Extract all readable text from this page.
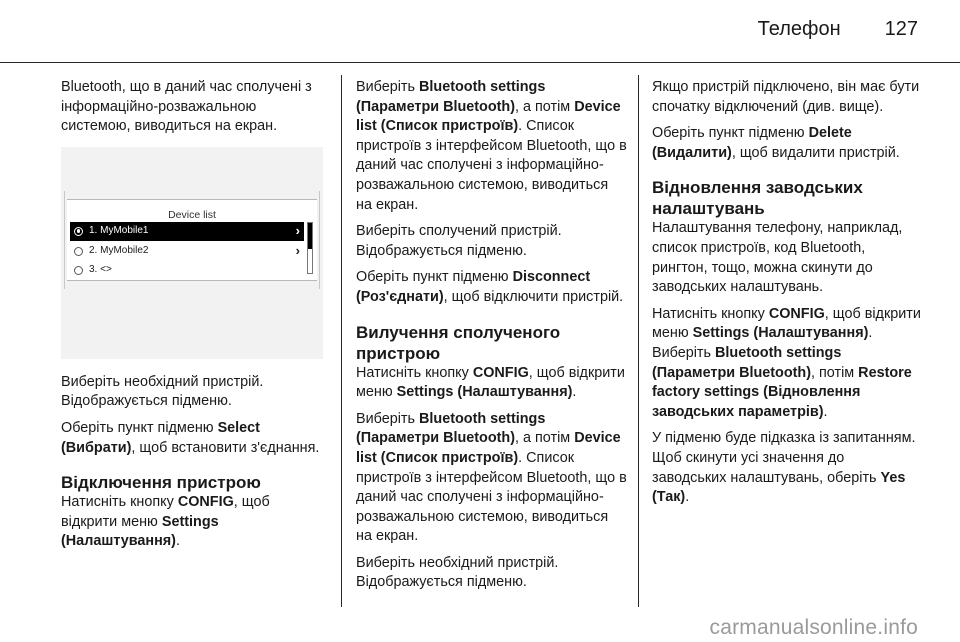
Телефон 127
Bluetooth, що в даний час сполучені з інформаційно-розважальною системою, виводиться на екран.
Device list
1. MyMobile1	›
2. MyMobile2	›
3. <>
Виберіть необхідний пристрій. Відображується підменю.
Оберіть пункт підменю Select (Вибрати), щоб встановити з'єднання.
Відключення пристрою
Натисніть кнопку CONFIG, щоб відкрити меню Settings (Налаштування).
Виберіть Bluetooth settings (Параметри Bluetooth), а потім Device list (Список пристроїв). Список пристроїв з інтерфейсом Bluetooth, що в даний час сполучені з інформаційно-розважальною системою, виводиться на екран.
Виберіть сполучений пристрій. Відображується підменю.
Оберіть пункт підменю Disconnect (Роз'єднати), щоб відключити пристрій.
Вилучення сполученого пристрою
Натисніть кнопку CONFIG, щоб відкрити меню Settings (Налаштування).
Виберіть Bluetooth settings (Параметри Bluetooth), а потім Device list (Список пристроїв). Список пристроїв з інтерфейсом Bluetooth, що в даний час сполучені з інформаційно-розважальною системою, виводиться на екран.
Виберіть необхідний пристрій. Відображується підменю.
Якщо пристрій підключено, він має бути спочатку відключений (див. вище).
Оберіть пункт підменю Delete (Видалити), щоб видалити пристрій.
Відновлення заводських налаштувань
Налаштування телефону, наприклад, список пристроїв, код Bluetooth, рингтон, тощо, можна скинути до заводських налаштувань.
Натисніть кнопку CONFIG, щоб відкрити меню Settings (Налаштування). Виберіть Bluetooth settings (Параметри Bluetooth), потім Restore factory settings (Відновлення заводських параметрів).
У підменю буде підказка із запитанням. Щоб скинути усі значення до заводських налаштувань, оберіть Yes (Так).
carmanualsonline.info
